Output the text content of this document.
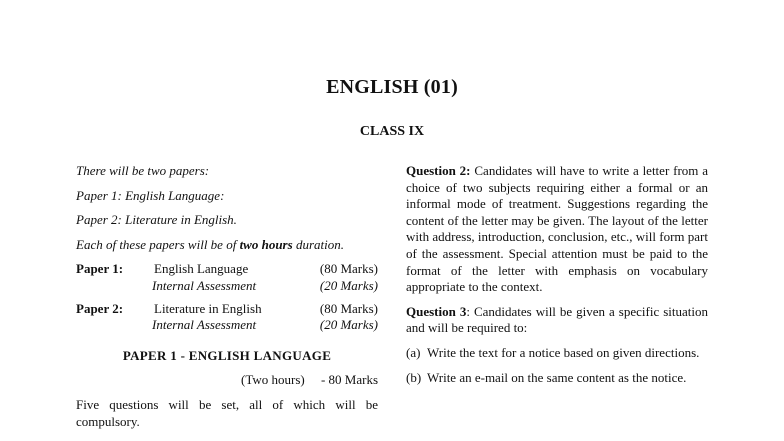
ENGLISH (01)
CLASS IX

There will be two papers:

Paper 1: English Language:

Paper 2: Literature in English.

Each of these papers will be of two hours duration.

Paper 1:	English Language	(80 Marks)
Internal Assessment	(20 Marks)
Paper 2:	Literature in English	(80 Marks)
Internal Assessment	(20 Marks)
PAPER 1 - ENGLISH LANGUAGE
(Two hours)     - 80 Marks

Five questions will be set, all of which will be compulsory.

Question 2: Candidates will have to write a letter from a choice of two subjects requiring either a formal or an informal mode of treatment. Suggestions regarding the content of the letter may be given. The layout of the letter with address, introduction, conclusion, etc., will form part of the assessment. Special attention must be paid to the format of the letter with emphasis on vocabulary appropriate to the context.

Question 3: Candidates will be given a specific situation and will be required to:

(a) Write the text for a notice based on given directions.
(b) Write an e-mail on the same content as the notice.
